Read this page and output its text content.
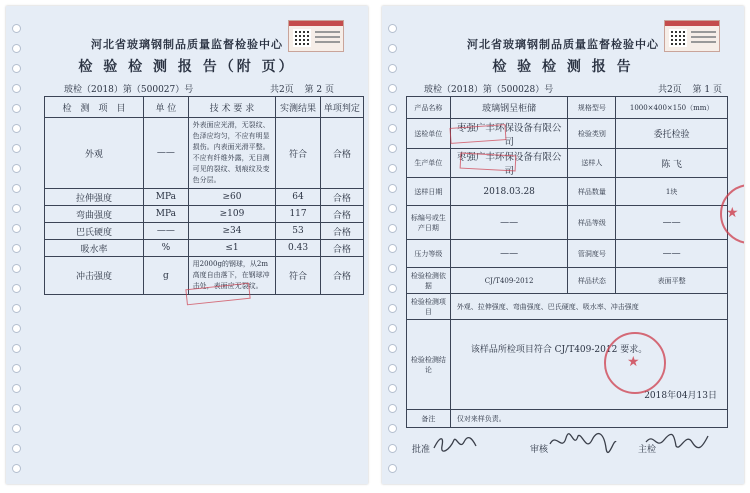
河北省玻璃钢制品质量监督检验中心
检 验 检 测 报 告（附 页）
玻检（2018）第（500027）号	共2页 第 2 页
检　测　项　目	单 位	技 术 要 求	实测结果	单项判定
外观	——	外表面应光滑，无裂纹、色泽应均匀，不应有明显损伤。内表面光滑平整。不应有纤维外露，无目测可见的裂纹、划痕纹及变色分层。	符合	合格
拉伸强度	MPa	≥60	64	合格
弯曲强度	MPa	≥109	117	合格
巴氏硬度	——	≥34	53	合格
吸水率	%	≤1	0.43	合格
冲击强度	g	用2000g的钢球，从2m高度自由落下，在钢球冲击处，表面应无裂纹。	符合	合格
河北省玻璃钢制品质量监督检验中心
检 验 检 测 报 告
玻检（2018）第（500028）号	共2页 第 1 页
产品名称	玻璃钢呈柜储	规格型号	1000×400×150（mm）
送检单位	枣强广丰环保设备有限公司	检验类别	委托检验
生产单位	枣强广丰环保设备有限公司	送样人	陈 飞
送样日期	2018.03.28	样品数量	1块
标编号或生产日期	——	样品等级	——
压力等级	——	管洞度号	——
检验检测依据	CJ/T409-2012	样品状态	表面平整
检验检测项目	外观、拉伸强度、弯曲强度、巴氏硬度、吸水率、冲击强度		
检验检测结论	该样品所检项目符合 CJ/T409-2012 要求。
2018年04月13日		

备注	仅对来样负责。		
★
★
批准	审核	主检
